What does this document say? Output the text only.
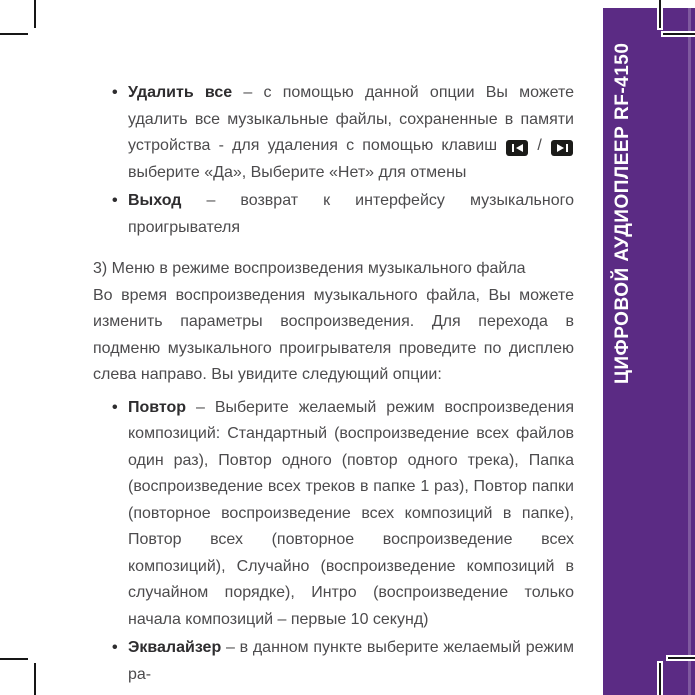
• Удалить все – с помощью данной опции Вы можете удалить все музыкальные файлы, сохраненные в памяти устройства - для удаления с помощью клавиш
/
выберите «Да», Выберите «Нет» для отмены
• Выход – возврат к интерфейсу музыкального проигрывателя
3) Меню в режиме воспроизведения музыкального файла
Во время воспроизведения музыкального файла, Вы можете изменить параметры воспроизведения. Для перехода в подменю музыкального проигрывателя проведите по дисплею слева направо. Вы увидите следующий опции:
• Повтор – Выберите желаемый режим воспроизведения композиций: Стандартный (воспроизведение всех файлов один раз), Повтор одного (повтор одного трека), Папка (воспроизведение всех треков в папке 1 раз), Повтор папки (повторное воспроизведение всех композиций в папке), Повтор всех (повторное воспроизведение всех композиций), Случайно (воспроизведение композиций в случайном порядке), Интро (воспроизведение только начала композиций – первые 10 секунд)
• Эквалайзер – в данном пункте выберите желаемый режим ра-
ЦИФРОВОЙ АУДИОПЛЕЕР RF-4150
